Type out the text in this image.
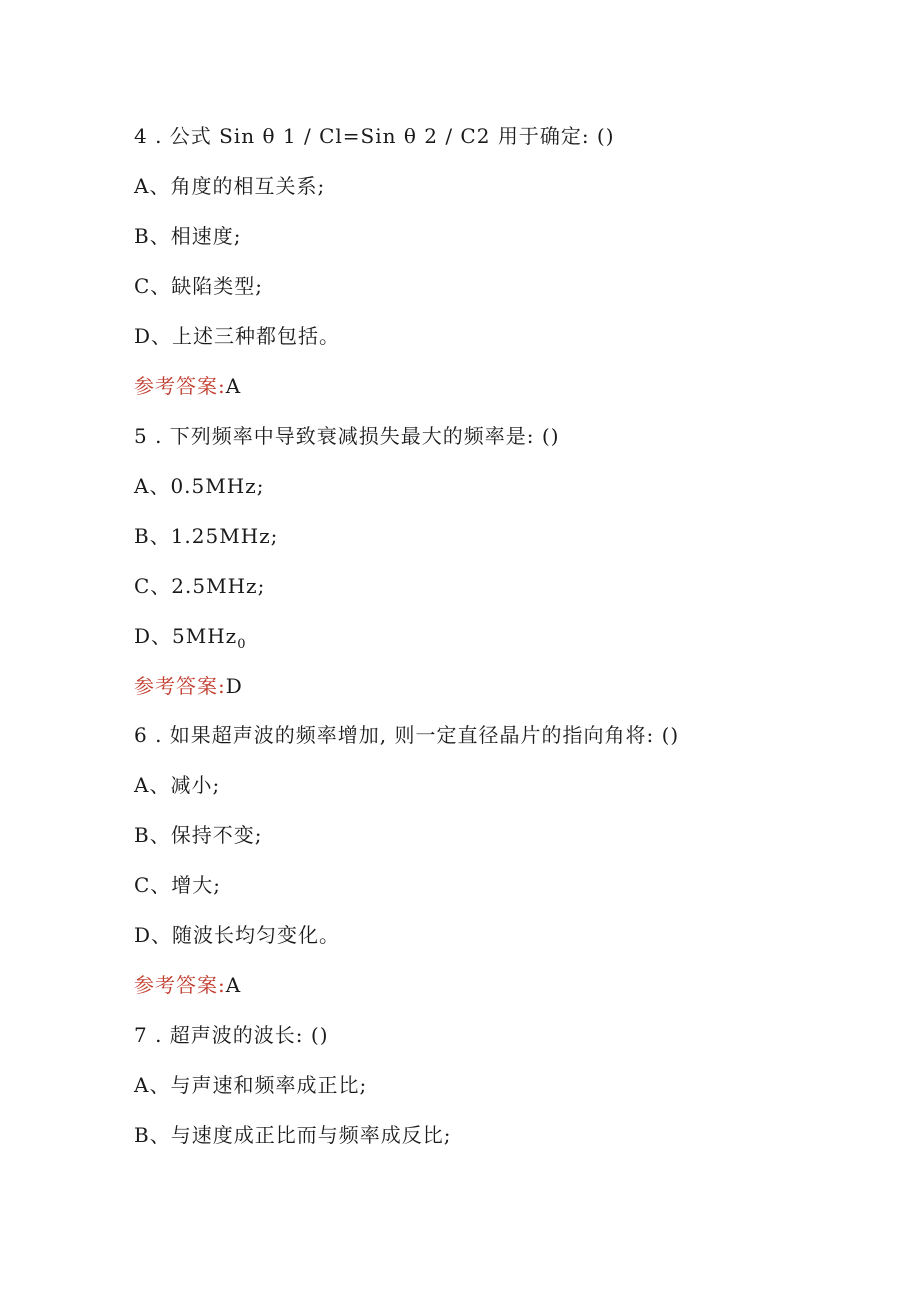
4 . 公式 Sin θ 1 / Cl=Sin θ 2 / C2 用于确定: ()
A、角度的相互关系;
B、相速度;
C、缺陷类型;
D、上述三种都包括。
参考答案:A
5 . 下列频率中导致衰减损失最大的频率是: ()
A、0.5MHz;
B、1.25MHz;
C、2.5MHz;
D、5MHz$_0$
参考答案:D
6 . 如果超声波的频率增加, 则一定直径晶片的指向角将: ()
A、减小;
B、保持不变;
C、增大;
D、随波长均匀变化。
参考答案:A
7 . 超声波的波长: ()
A、与声速和频率成正比;
B、与速度成正比而与频率成反比;
